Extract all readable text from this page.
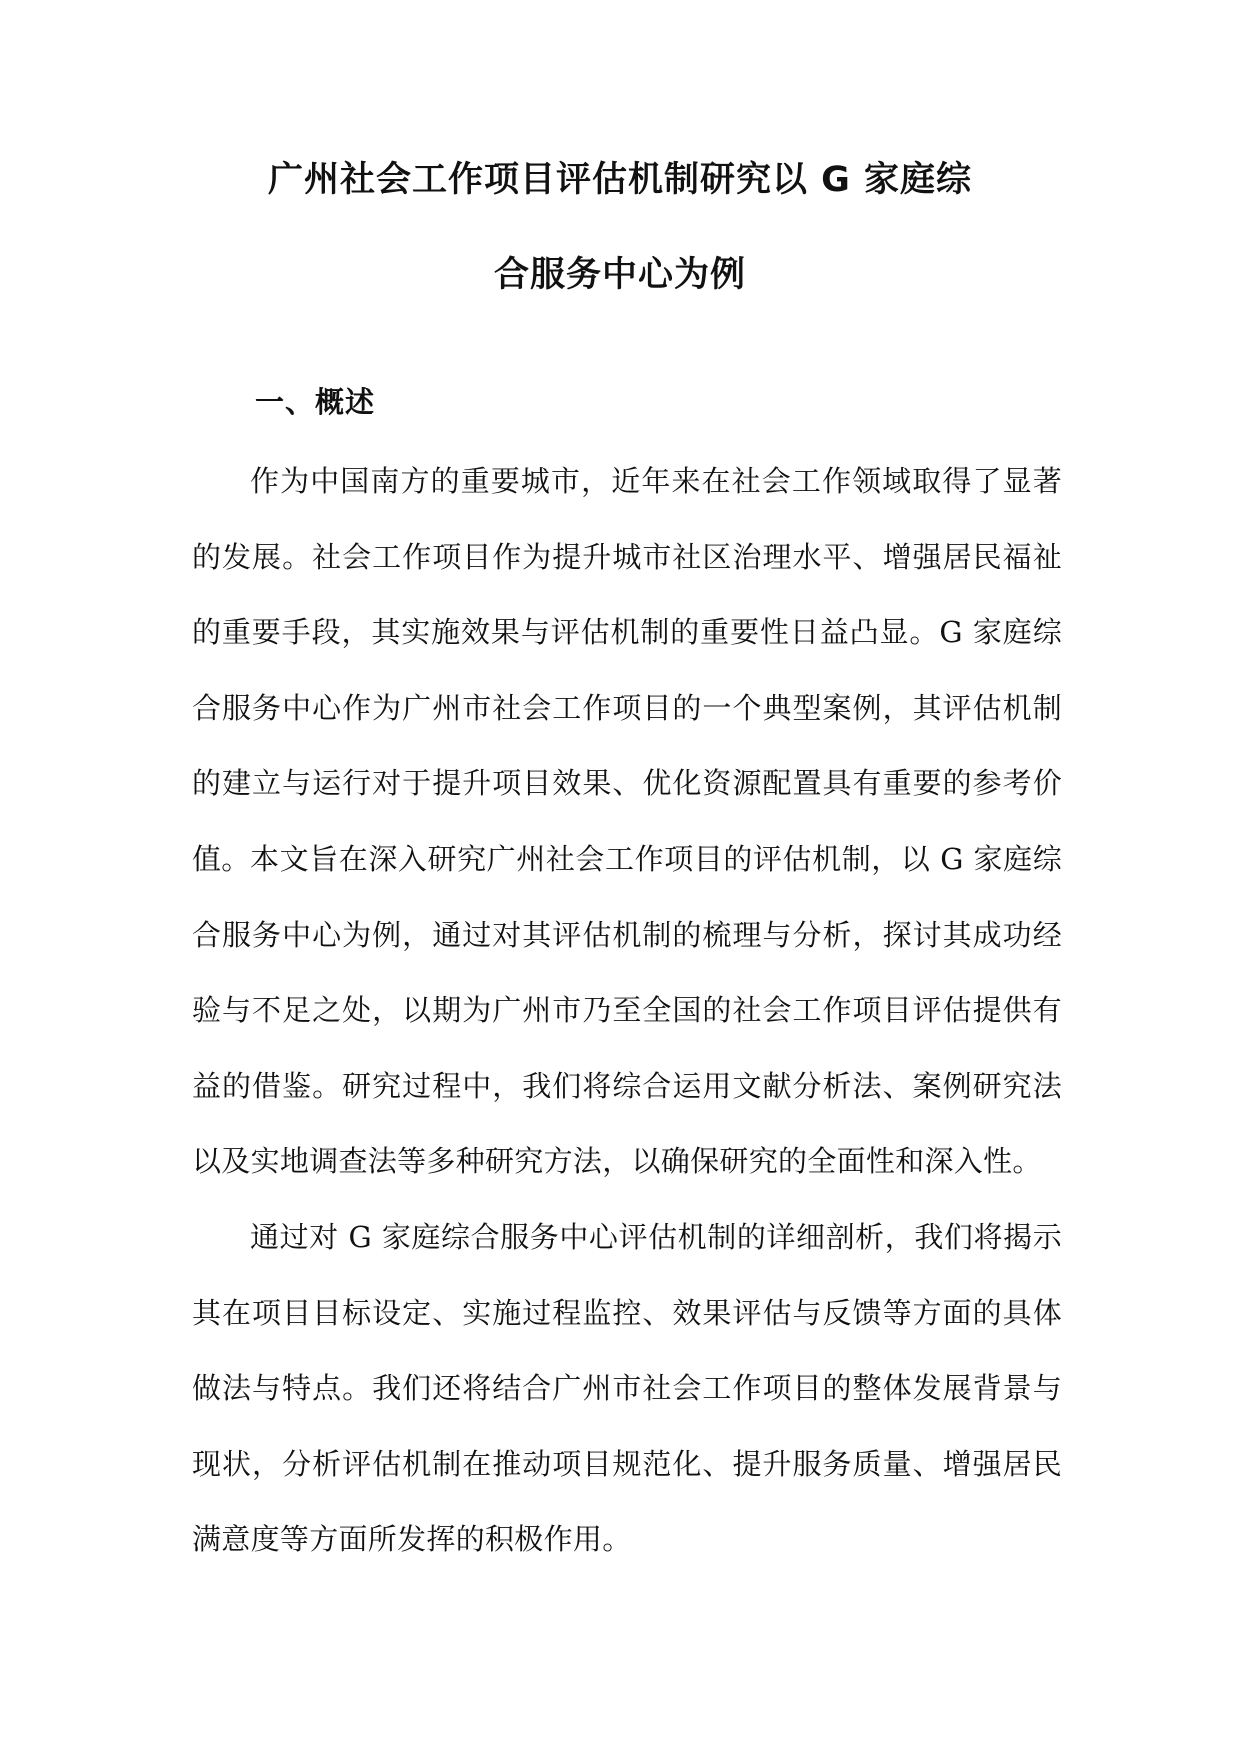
广州社会工作项目评估机制研究以 G 家庭综
合服务中心为例
一、概述

作为中国南方的重要城市，近年来在社会工作领域取得了显著的发展。社会工作项目作为提升城市社区治理水平、增强居民福祉的重要手段，其实施效果与评估机制的重要性日益凸显。G 家庭综合服务中心作为广州市社会工作项目的一个典型案例，其评估机制的建立与运行对于提升项目效果、优化资源配置具有重要的参考价值。 本文旨在深入研究广州社会工作项目的评估机制，以 G 家庭综合服务中心为例，通过对其评估机制的梳理与分析，探讨其成功经验与不足之处，以期为广州市乃至全国的社会工作项目评估提供有益的借鉴。研究过程中，我们将综合运用文献分析法、案例研究法以及实地调查法等多种研究方法，以确保研究的全面性和深入性。

通过对 G 家庭综合服务中心评估机制的详细剖析，我们将揭示其在项目目标设定、实施过程监控、效果评估与反馈等方面的具体做法与特点。我们还将结合广州市社会工作项目的整体发展背景与现状，分析评估机制在推动项目规范化、提升服务质量、增强居民满意度等方面所发挥的积极作用。
